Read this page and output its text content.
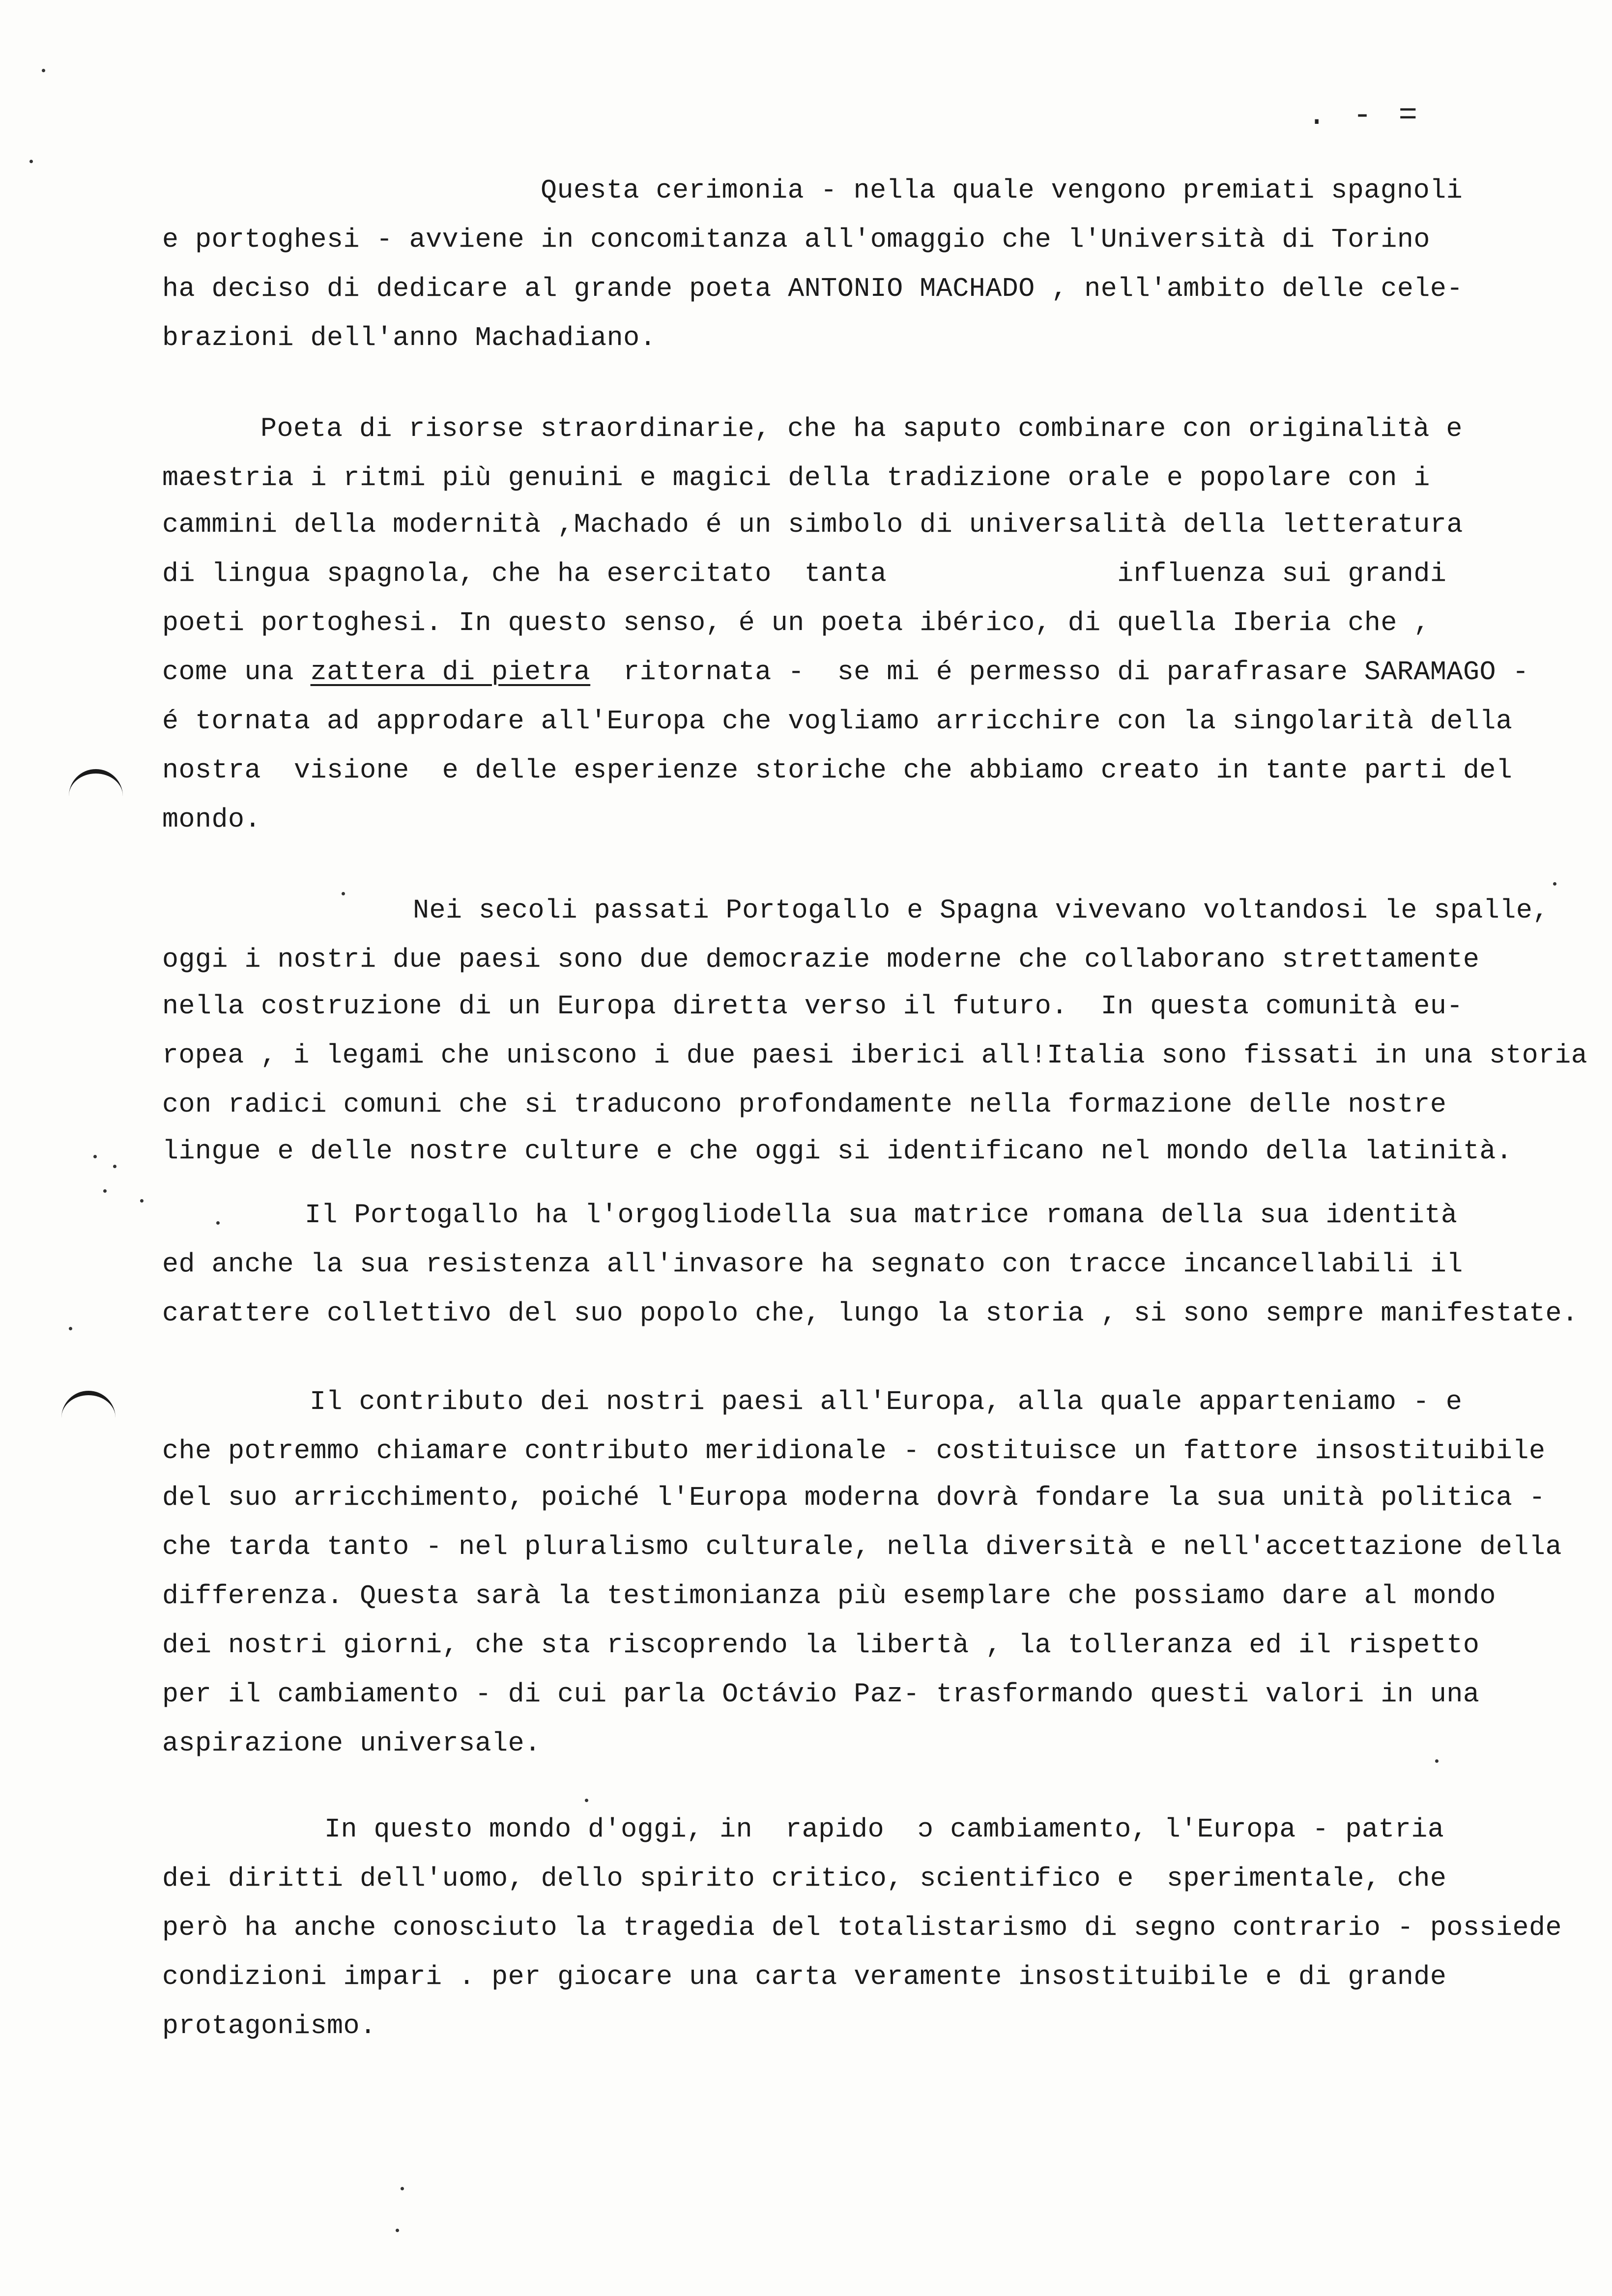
. - =
Questa cerimonia - nella quale vengono premiati spagnoli
e portoghesi - avviene in concomitanza all'omaggio che l'Università di Torino
ha deciso di dedicare al grande poeta ANTONIO MACHADO , nell'ambito delle cele-
brazioni dell'anno Machadiano.
Poeta di risorse straordinarie, che ha saputo combinare con originalità e
maestria i ritmi più genuini e magici della tradizione orale e popolare con i
cammini della modernità ,Machado é un simbolo di universalità della letteratura
di lingua spagnola, che ha esercitato  tanta              influenza sui grandi
poeti portoghesi. In questo senso, é un poeta ibérico, di quella Iberia che ,
come una zattera di pietra  ritornata -  se mi é permesso di parafrasare SARAMAGO -
é tornata ad approdare all'Europa che vogliamo arricchire con la singolarità della
nostra  visione  e delle esperienze storiche che abbiamo creato in tante parti del
mondo.
Nei secoli passati Portogallo e Spagna vivevano voltandosi le spalle,
oggi i nostri due paesi sono due democrazie moderne che collaborano strettamente
nella costruzione di un Europa diretta verso il futuro.  In questa comunità eu-
ropea , i legami che uniscono i due paesi iberici all!Italia sono fissati in una storia
con radici comuni che si traducono profondamente nella formazione delle nostre
lingue e delle nostre culture e che oggi si identificano nel mondo della latinità.
Il Portogallo ha l'orgogliodella sua matrice romana della sua identità
ed anche la sua resistenza all'invasore ha segnato con tracce incancellabili il
carattere collettivo del suo popolo che, lungo la storia , si sono sempre manifestate.
Il contributo dei nostri paesi all'Europa, alla quale apparteniamo - e
che potremmo chiamare contributo meridionale - costituisce un fattore insostituibile
del suo arricchimento, poiché l'Europa moderna dovrà fondare la sua unità politica -
che tarda tanto - nel pluralismo culturale, nella diversità e nell'accettazione della
differenza. Questa sarà la testimonianza più esemplare che possiamo dare al mondo
dei nostri giorni, che sta riscoprendo la libertà , la tolleranza ed il rispetto
per il cambiamento - di cui parla Octávio Paz- trasformando questi valori in una
aspirazione universale.
In questo mondo d'oggi, in  rapido  ɔ cambiamento, l'Europa - patria
dei diritti dell'uomo, dello spirito critico, scientifico e  sperimentale, che
però ha anche conosciuto la tragedia del totalistarismo di segno contrario - possiede
condizioni impari . per giocare una carta veramente insostituibile e di grande
protagonismo.
